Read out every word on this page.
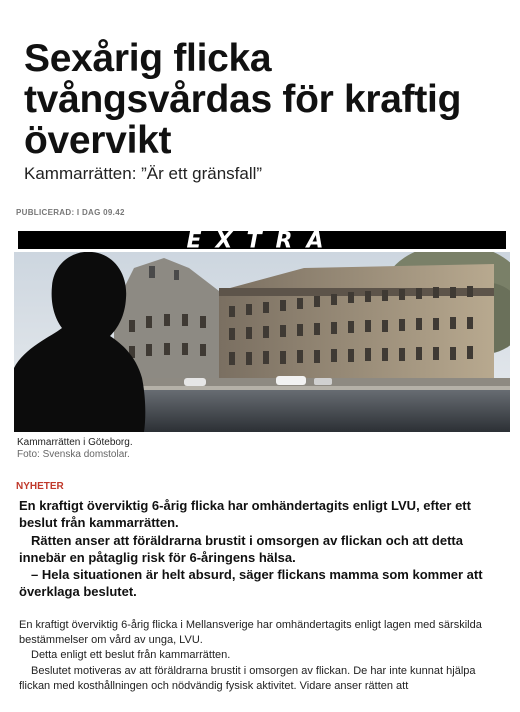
Sexårig flicka tvångsvårdas för kraftig övervikt

Kammarrätten: ”Är ett gränsfall”

PUBLICERAD: I DAG 09.42
EXTRA
Kammarrätten i Göteborg.
Foto: Svenska domstolar.
NYHETER

En kraftigt överviktig 6-årig flicka har omhändertagits enligt LVU, efter ett beslut från kammarrätten.

Rätten anser att föräldrarna brustit i omsorgen av flickan och att detta innebär en påtaglig risk för 6-åringens hälsa.

– Hela situationen är helt absurd, säger flickans mamma som kommer att överklaga beslutet.

En kraftigt överviktig 6-årig flicka i Mellansverige har omhändertagits enligt lagen med särskilda bestämmelser om vård av unga, LVU.

Detta enligt ett beslut från kammarrätten.

Beslutet motiveras av att föräldrarna brustit i omsorgen av flickan. De har inte kunnat hjälpa flickan med kosthållningen och nödvändig fysisk aktivitet. Vidare anser rätten att
